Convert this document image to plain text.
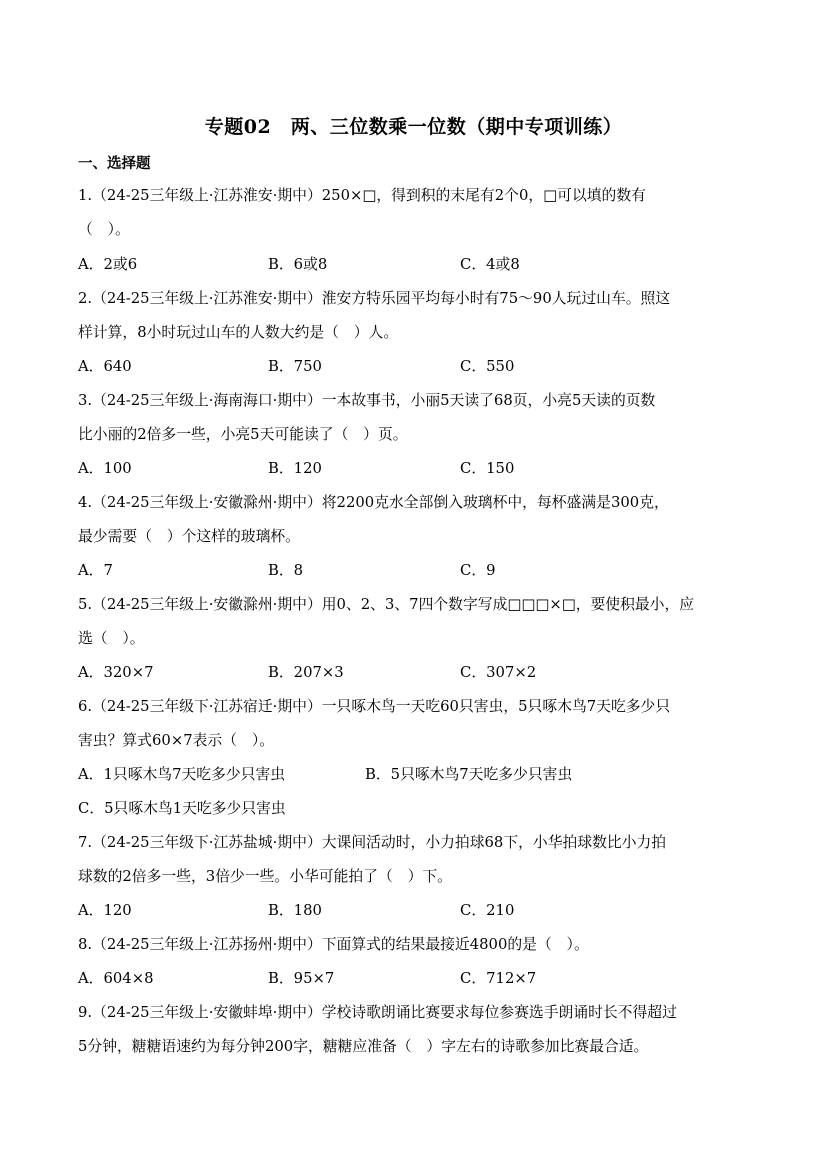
专题02　两、三位数乘一位数（期中专项训练）
一、选择题
1.（24-25三年级上·江苏淮安·期中）250×□，得到积的末尾有2个0，□可以填的数有
（　）。
A．2或6	B．6或8	C．4或8
2.（24-25三年级上·江苏淮安·期中）淮安方特乐园平均每小时有75～90人玩过山车。照这
样计算，8小时玩过山车的人数大约是（　）人。
A．640	B．750	C．550
3.（24-25三年级上·海南海口·期中）一本故事书，小丽5天读了68页，小亮5天读的页数
比小丽的2倍多一些，小亮5天可能读了（　）页。
A．100	B．120	C．150
4.（24-25三年级上·安徽滁州·期中）将2200克水全部倒入玻璃杯中，每杯盛满是300克，
最少需要（　）个这样的玻璃杯。
A．7	B．8	C．9
5.（24-25三年级上·安徽滁州·期中）用0、2、3、7四个数字写成□□□×□，要使积最小，应
选（　）。
A．320×7	B．207×3	C．307×2
6.（24-25三年级下·江苏宿迁·期中）一只啄木鸟一天吃60只害虫，5只啄木鸟7天吃多少只
害虫？算式60×7表示（　）。
A．1只啄木鸟7天吃多少只害虫	B．5只啄木鸟7天吃多少只害虫
C．5只啄木鸟1天吃多少只害虫
7.（24-25三年级下·江苏盐城·期中）大课间活动时，小力拍球68下，小华拍球数比小力拍
球数的2倍多一些，3倍少一些。小华可能拍了（　）下。
A．120	B．180	C．210
8.（24-25三年级上·江苏扬州·期中）下面算式的结果最接近4800的是（　）。
A．604×8	B．95×7	C．712×7
9.（24-25三年级上·安徽蚌埠·期中）学校诗歌朗诵比赛要求每位参赛选手朗诵时长不得超过
5分钟，糖糖语速约为每分钟200字，糖糖应准备（　）字左右的诗歌参加比赛最合适。
